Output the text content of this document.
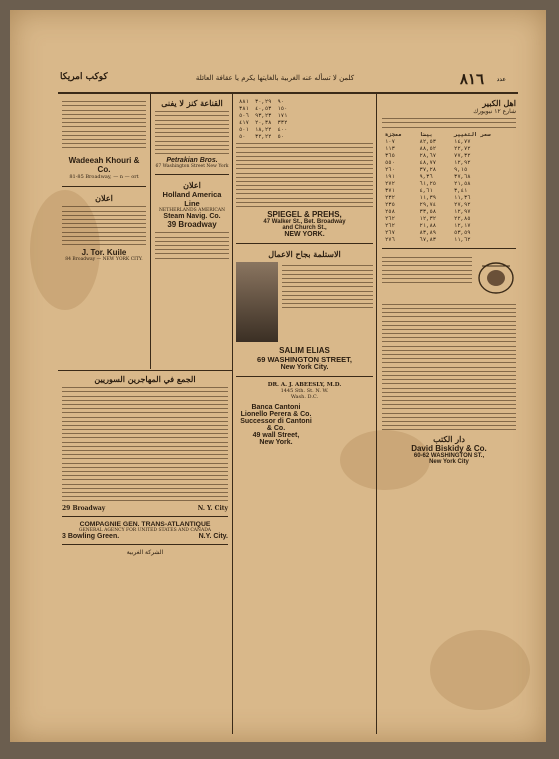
كوكب امريكا	كلمن لا تسأله عنه الغربية بالغايتها يكرم يا عقافة العائلة	٨١٦ عدد
Wadeeah Khouri & Co.
81-85 Broadway, — n — ort
اعلان
J. Tor. Kuile
84 Broadway — NEW YORK CITY.
القناعة كنز لا يفنى
Petrakian Bros.
67 Washington Street New York
اعلان
Holland America Line
NETHERLANDS AMERICAN
Steam Navig. Co.
39 Broadway
٨٨١	٣٠,٢٩	٩٠
٣٨١	٤٠,٥٣	١٥٠
٥٠٦	٩٣,٢٣	١٧١
٤١٧	٢٠,٣٨	٣٣٢
٥٠١	١٨,٢٢	٤٠٠
٥٠	٣٢,٢٢	٥٠
SPIEGEL & PREHS,
47 Walker St., Bet. Broadway
and Church St.,
NEW YORK.
الاستلمة بجاح الاعمال
SALIM ELIAS
69 WASHINGTON STREET,
New York City.
DR. A. J. ABEESLY, M.D.
1445 Sth. St. N. W.
Wash. D.C.
Banca Cantoni
Lionello Perera & Co.
Successor di Cantoni
& Co.
49 wall Street,
New York.
اهل الكبير
شارع ١٢ نيويورك
معجزة	بيضا	سعر التغيير
١٠٧	٨٢,٥٣	١٤,٧٧
١١٣	٨٨,٥٢	٢٢,٧٢
٣٦٥	٢٨,٦٧	٧٧,٣٢
٥٥٠	٤٨,٧٧	١٢,٩٢
٢٦٠	٣٧,٢٨	٩,١٥
١٩١	٩,٣٦	٣٧,٦٨
٢٧٢	٦١,٢٥	٢١,٥٨
٣٧١	٤,٦١	٣,٤١
٢٣٢	١١,٣٩	١١,٣٦
٢٣٥	٢٩,٧٤	٢٧,٩٢
٢٥٨	٣٣,٥٨	١٢,٩٧
٢٦٢	١٢,٣٢	٢٢,٨٥
٢٦٢	٢١,٨٨	١٢,١٧
٢٦٧	٨٣,٨٩	٥٣,٥٩
٢٧٦	٦٧,٨٣	١١,٦٢
دار الكتب
David Biskidy & Co.
60-62 WASHINGTON ST.,
New York City
الجمع في المهاجرين السوريين
29 Broadway	N. Y. City
COMPAGNIE GEN. TRANS-ATLANTIQUE
GENERAL AGENCY FOR UNITED STATES AND CANADA
3 Bowling Green.	N.Y. City.
الشركة الغربية
